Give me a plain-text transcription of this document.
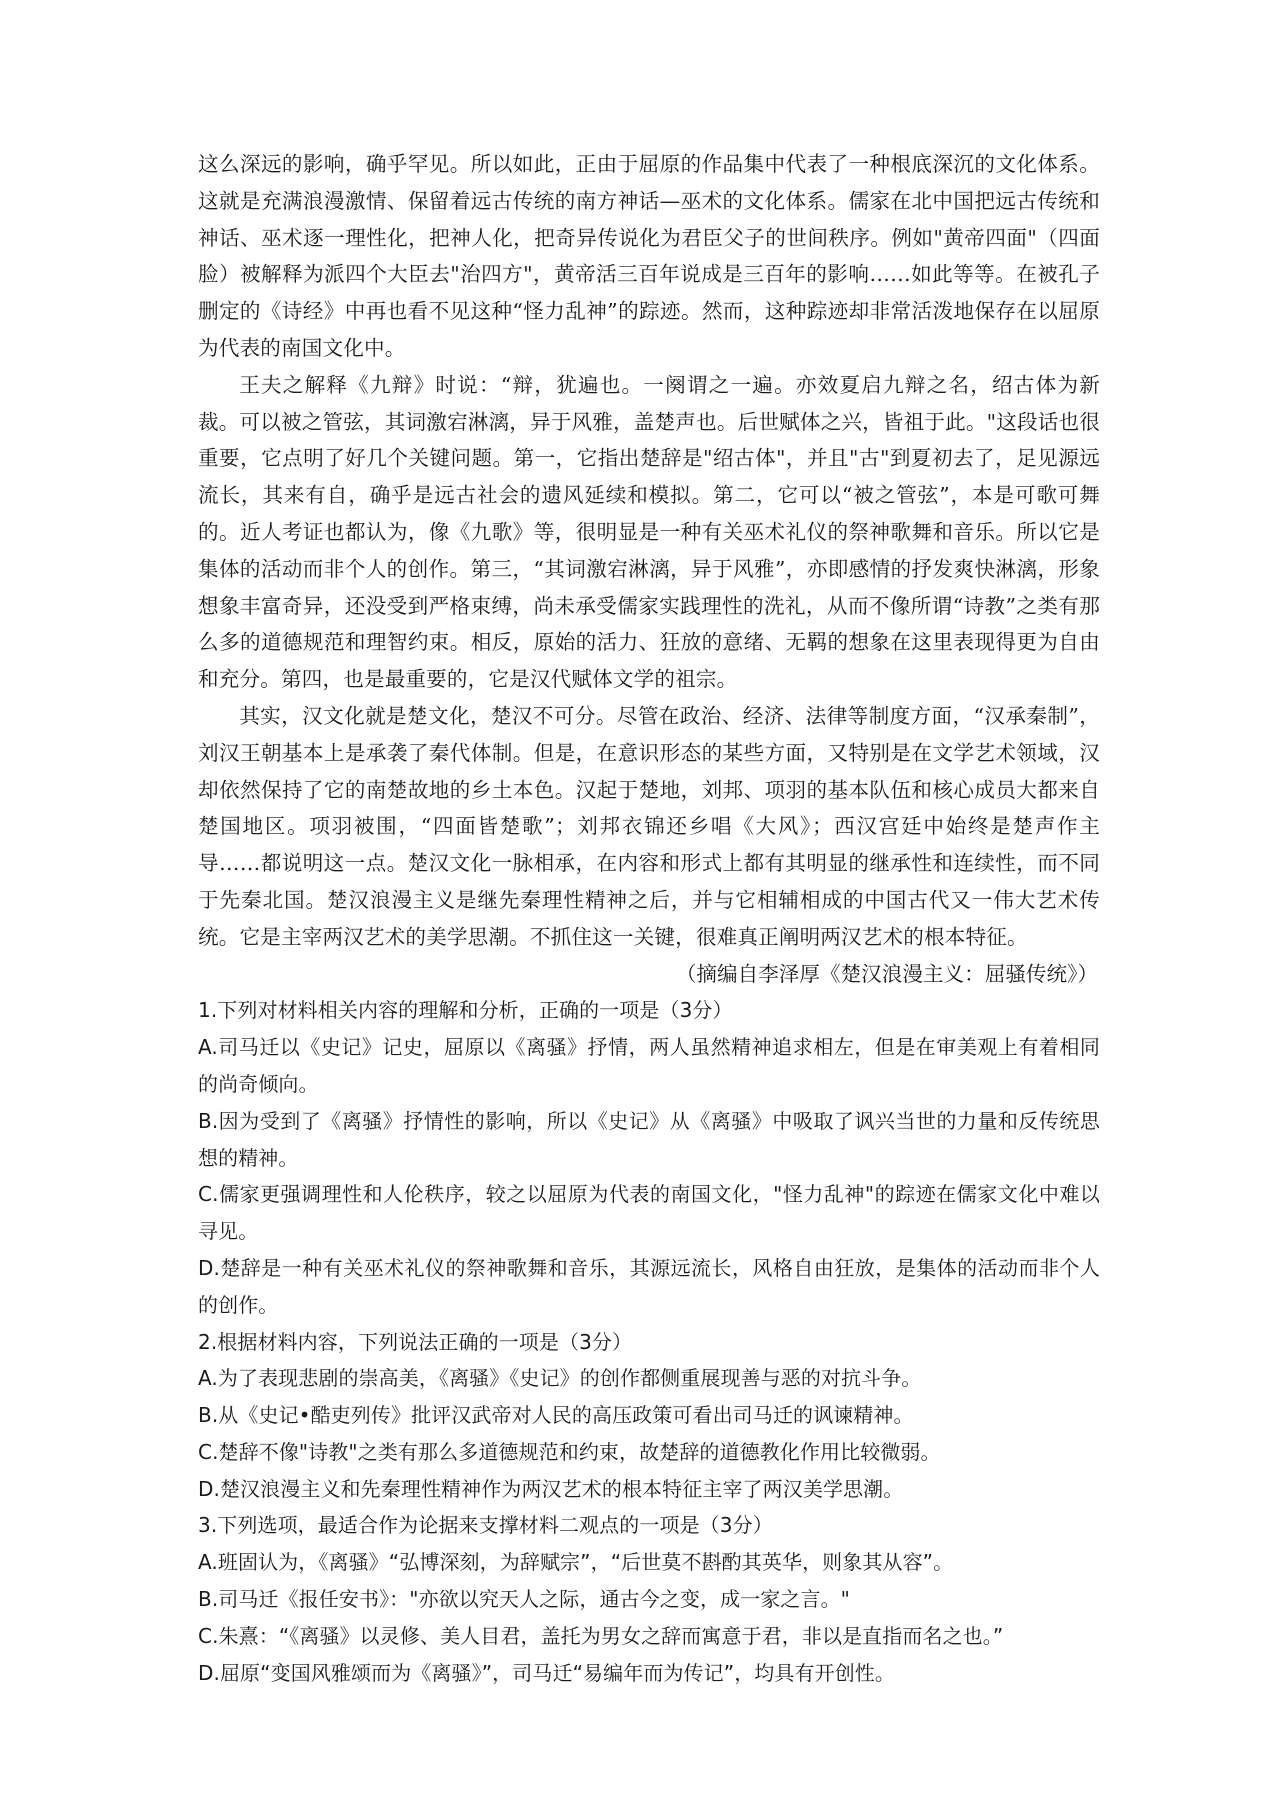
这么深远的影响，确乎罕见。所以如此，正由于屈原的作品集中代表了一种根底深沉的文化体系。这就是充满浪漫激情、保留着远古传统的南方神话—巫术的文化体系。儒家在北中国把远古传统和神话、巫术逐一理性化，把神人化，把奇异传说化为君臣父子的世间秩序。例如"黄帝四面"（四面脸）被解释为派四个大臣去"治四方"，黄帝活三百年说成是三百年的影响……如此等等。在被孔子删定的《诗经》中再也看不见这种“怪力乱神”的踪迹。然而，这种踪迹却非常活泼地保存在以屈原为代表的南国文化中。

王夫之解释《九辩》时说：“辩，犹遍也。一阕谓之一遍。亦效夏启九辩之名，绍古体为新裁。可以被之管弦，其词激宕淋漓，异于风雅，盖楚声也。后世赋体之兴，皆祖于此。"这段话也很重要，它点明了好几个关键问题。第一，它指出楚辞是"绍古体"，并且"古"到夏初去了，足见源远流长，其来有自，确乎是远古社会的遗风延续和模拟。第二，它可以“被之管弦”，本是可歌可舞的。近人考证也都认为，像《九歌》等，很明显是一种有关巫术礼仪的祭神歌舞和音乐。所以它是集体的活动而非个人的创作。第三，“其词激宕淋漓，异于风雅”，亦即感情的抒发爽快淋漓，形象想象丰富奇异，还没受到严格束缚，尚未承受儒家实践理性的洗礼，从而不像所谓“诗教”之类有那么多的道德规范和理智约束。相反，原始的活力、狂放的意绪、无羁的想象在这里表现得更为自由和充分。第四，也是最重要的，它是汉代赋体文学的祖宗。

其实，汉文化就是楚文化，楚汉不可分。尽管在政治、经济、法律等制度方面，“汉承秦制”，刘汉王朝基本上是承袭了秦代体制。但是，在意识形态的某些方面，又特别是在文学艺术领域，汉却依然保持了它的南楚故地的乡土本色。汉起于楚地，刘邦、项羽的基本队伍和核心成员大都来自楚国地区。项羽被围，“四面皆楚歌”；刘邦衣锦还乡唱《大风》；西汉宫廷中始终是楚声作主导……都说明这一点。楚汉文化一脉相承，在内容和形式上都有其明显的继承性和连续性，而不同于先秦北国。楚汉浪漫主义是继先秦理性精神之后，并与它相辅相成的中国古代又一伟大艺术传统。它是主宰两汉艺术的美学思潮。不抓住这一关键，很难真正阐明两汉艺术的根本特征。

（摘编自李泽厚《楚汉浪漫主义：屈骚传统》）

1.下列对材料相关内容的理解和分析，正确的一项是（3分）

A.司马迁以《史记》记史，屈原以《离骚》抒情，两人虽然精神追求相左，但是在审美观上有着相同的尚奇倾向。

B.因为受到了《离骚》抒情性的影响，所以《史记》从《离骚》中吸取了讽兴当世的力量和反传统思想的精神。

C.儒家更强调理性和人伦秩序，较之以屈原为代表的南国文化，"怪力乱神"的踪迹在儒家文化中难以寻见。

D.楚辞是一种有关巫术礼仪的祭神歌舞和音乐，其源远流长，风格自由狂放，是集体的活动而非个人的创作。

2.根据材料内容，下列说法正确的一项是（3分）

A.为了表现悲剧的崇高美，《离骚》《史记》的创作都侧重展现善与恶的对抗斗争。

B.从《史记•酷吏列传》批评汉武帝对人民的高压政策可看出司马迁的讽谏精神。

C.楚辞不像"诗教"之类有那么多道德规范和约束，故楚辞的道德教化作用比较微弱。

D.楚汉浪漫主义和先秦理性精神作为两汉艺术的根本特征主宰了两汉美学思潮。

3.下列选项，最适合作为论据来支撑材料二观点的一项是（3分）

A.班固认为，《离骚》“弘博深刻，为辞赋宗”，“后世莫不斟酌其英华，则象其从容”。

B.司马迁《报任安书》："亦欲以究天人之际，通古今之变，成一家之言。"

C.朱熹：“《离骚》以灵修、美人目君，盖托为男女之辞而寓意于君，非以是直指而名之也。”

D.屈原“变国风雅颂而为《离骚》”，司马迁“易编年而为传记”，均具有开创性。
